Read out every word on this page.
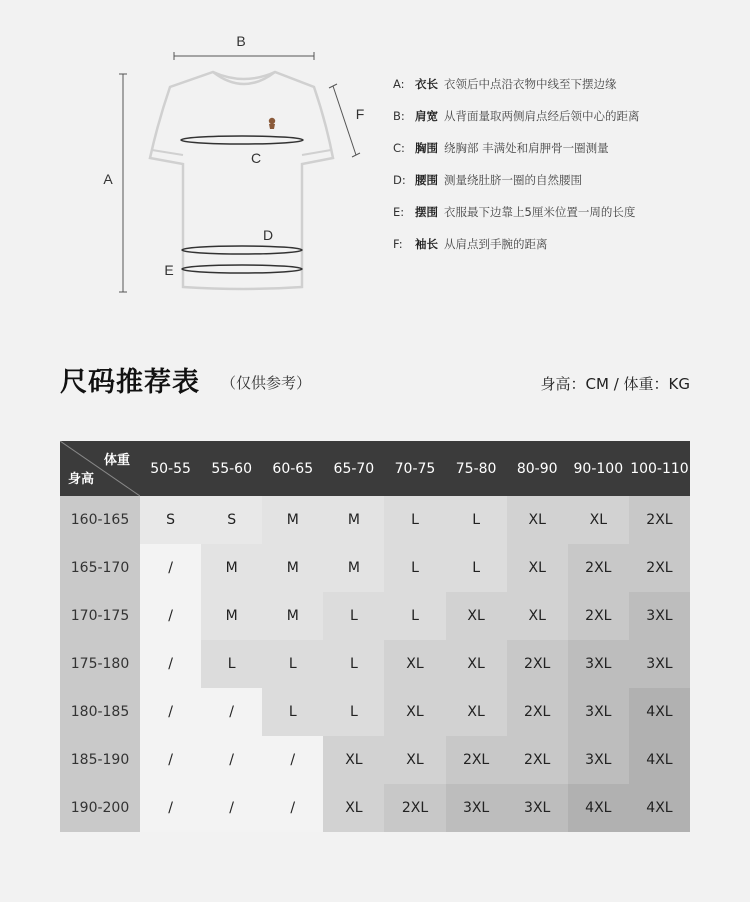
B
A
F
C
D
E
A: 衣长 衣领后中点沿衣物中线至下摆边缘
B: 肩宽 从背面量取两侧肩点经后领中心的距离
C: 胸围 绕胸部 丰满处和肩胛骨一圈测量
D: 腰围 测量绕肚脐一圈的自然腰围
E: 摆围 衣服最下边靠上5厘米位置一周的长度
F: 袖长 从肩点到手腕的距离
尺码推荐表 （仅供参考）	身高：CM / 体重：KG
体重
身高	50-55	55-60	60-65	65-70	70-75	75-80	80-90	90-100	100-110
160-165	S	S	M	M	L	L	XL	XL	2XL
165-170	/	M	M	M	L	L	XL	2XL	2XL
170-175	/	M	M	L	L	XL	XL	2XL	3XL
175-180	/	L	L	L	XL	XL	2XL	3XL	3XL
180-185	/	/	L	L	XL	XL	2XL	3XL	4XL
185-190	/	/	/	XL	XL	2XL	2XL	3XL	4XL
190-200	/	/	/	XL	2XL	3XL	3XL	4XL	4XL
